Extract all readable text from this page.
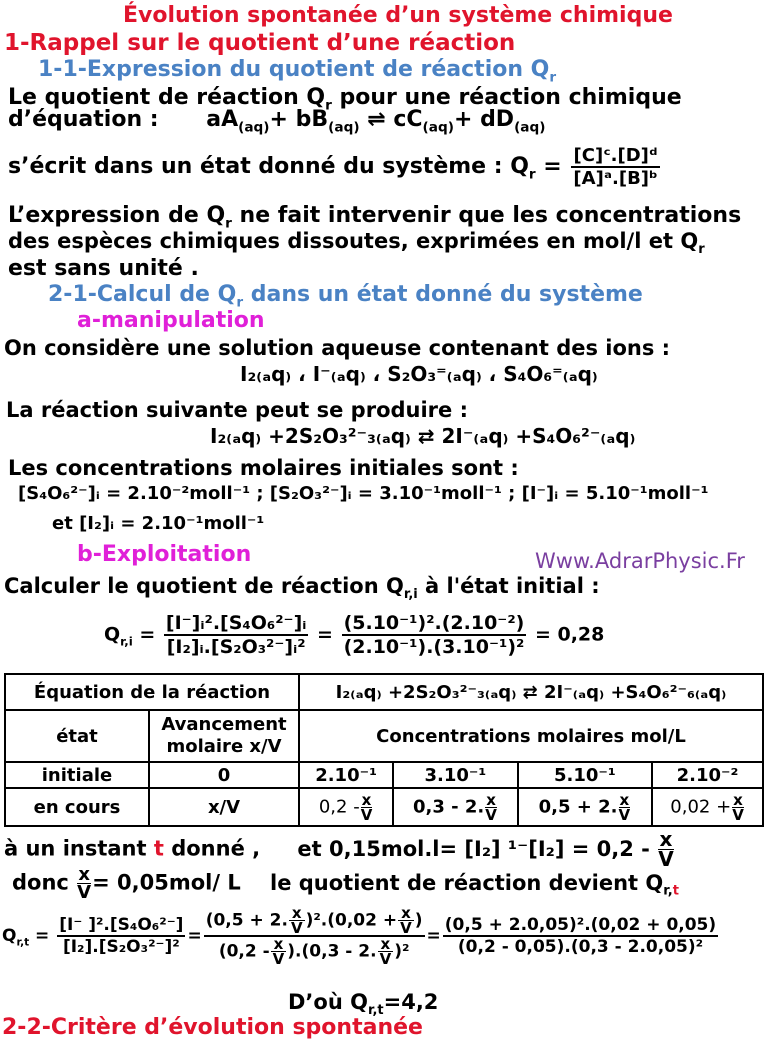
Évolution spontanée d’un système chimique
1-Rappel sur le quotient d’une réaction
1-1-Expression du quotient de réaction $Q_r$
Le quotient de réaction $Q_r$ pour une réaction chimique
d’équation : $aA_{(aq)}+ bB_{(aq)}$ ⇌ $cC_{(aq)}+ dD_{(aq)}$
s’écrit dans un état donné du système : $Q_r = \frac{\text{[C]ᶜ.[D]ᵈ}}{\text{[A]ᵃ.[B]ᵇ}}$
L’expression de $Q_r$ ne fait intervenir que les concentrations
des espèces chimiques dissoutes, exprimées en mol/l et $Q_r$
est sans unité .
2-1-Calcul de $Q_r$ dans un état donné du système
a-manipulation
On considère une solution aqueuse contenant des ions :
I₂₍ₐq₎ ، I⁻₍ₐq₎ ، S₂O₃⁼₍ₐq₎ ، S₄O₆⁼₍ₐq₎
La réaction suivante peut se produire :
I₂₍ₐq₎ +2S₂O₃²⁻₃₍ₐq₎ ⇄ 2I⁻₍ₐq₎ +S₄O₆²⁻₍ₐq₎
Les concentrations molaires initiales sont :
[S₄O₆²⁻]ᵢ = 2.10⁻²moll⁻¹ ; [S₂O₃²⁻]ᵢ = 3.10⁻¹moll⁻¹ ; [I⁻]ᵢ = 5.10⁻¹moll⁻¹
et [I₂]ᵢ = 2.10⁻¹moll⁻¹
b-Exploitation	Www.AdrarPhysic.Fr
Calculer le quotient de réaction $Q_{r,i}$ à l'état initial :
$Q_{r,i} = \frac{\text{[I⁻]ᵢ².[S₄O₆²⁻]ᵢ}}{\text{[I₂]ᵢ.[S₂O₃²⁻]ᵢ²}} = \frac{\text{(5.10⁻¹)².(2.10⁻²)}}{\text{(2.10⁻¹).(3.10⁻¹)²}} = 0,28$
Équation de la réaction		I₂₍ₐq₎ +2S₂O₃²⁻₃₍ₐq₎ ⇄ 2I⁻₍ₐq₎ +S₄O₆²⁻₆₍ₐq₎			
état	Avancement molaire x/V	Concentrations molaires mol/L			
initiale	0	2.10⁻¹	3.10⁻¹	5.10⁻¹	2.10⁻²
en cours	x/V	$0,2 - \frac{x}{V}$	0,3 - 2. $\frac{x}{V}$	0,5 + 2. $\frac{x}{V}$	$0,02 + \frac{x}{V}$
à un instant t donné , et 0,15mol.l= [I₂] $^{1-}[I_2] = 0,2 - \frac{x}{V}$
donc $\frac{x}{V} = 0,05mol/$ L le quotient de réaction devient $Q_{r,t}$
$Q_{r,t} = \frac{\text{[I⁻ ]².[S₄O₆²⁻]}}{\text{[I₂].[S₂O₃²⁻]²}} = \frac{(0,5 + 2. \frac{x}{V} )^2.(0,02 + \frac{x}{V} )}{(0,2 - \frac{x}{V} ).(0,3 - 2. \frac{x}{V} )^2} = \frac{\text{(0,5 + 2.0,05)².(0,02 + 0,05)}}{\text{(0,2 - 0,05).(0,3 - 2.0,05)²}}$
D’où $Q_{r,t}=4,2$
2-2-Critère d’évolution spontanée
